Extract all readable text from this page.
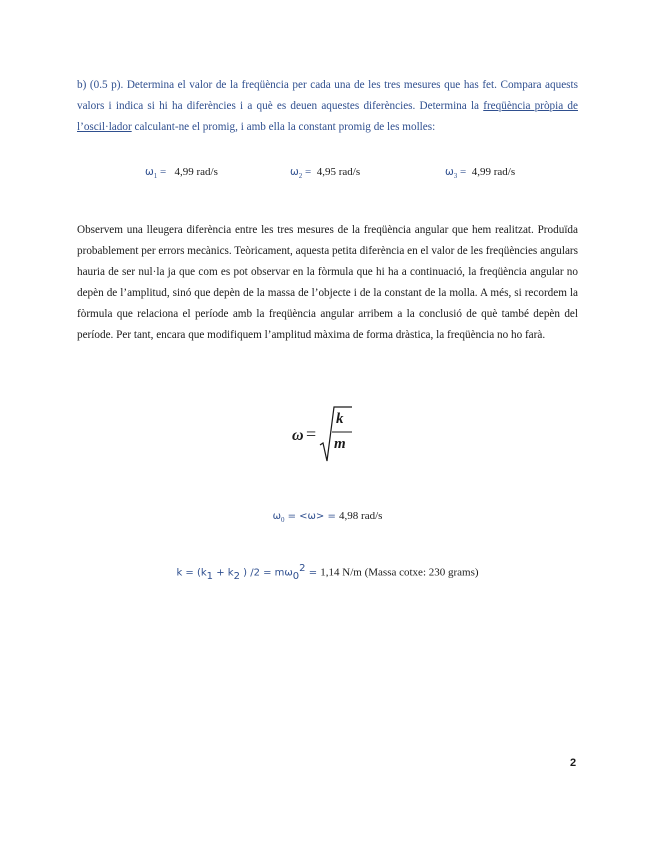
b) (0.5 p). Determina el valor de la freqüència per cada una de les tres mesures que has fet. Compara aquests valors i indica si hi ha diferències i a què es deuen aquestes diferències. Determina la freqüència pròpia de l’oscil·lador calculant-ne el promig, i amb ella la constant promig de les molles:

$\omega_1 = 4,99$ rad/s	$\omega_2 = 4,95$ rad/s	$\omega_3 = 4,99$ rad/s

Observem una lleugera diferència entre les tres mesures de la freqüència angular que hem realitzat. Produïda probablement per errors mecànics. Teòricament, aquesta petita diferència en el valor de les freqüències angulars hauria de ser nul·la ja que com es pot observar en la fòrmula que hi ha a continuació, la freqüència angular no depèn de l’amplitud, sinó que depèn de la massa de l’objecte i de la constant de la molla. A més, si recordem la fòrmula que relaciona el període amb la freqüència angular arribem a la conclusió de què també depèn del període. Per tant, encara que modifiquem l’amplitud màxima de forma dràstica, la freqüència no ho farà.

ω =
k
m
$\omega_0 = <\omega> = 4,98$ rad/s
$k = (k_1 + k_2$ ) $/2 = m\omega_0^2 = 1,14$ N/m (Massa cotxe: 230 grams)
2
